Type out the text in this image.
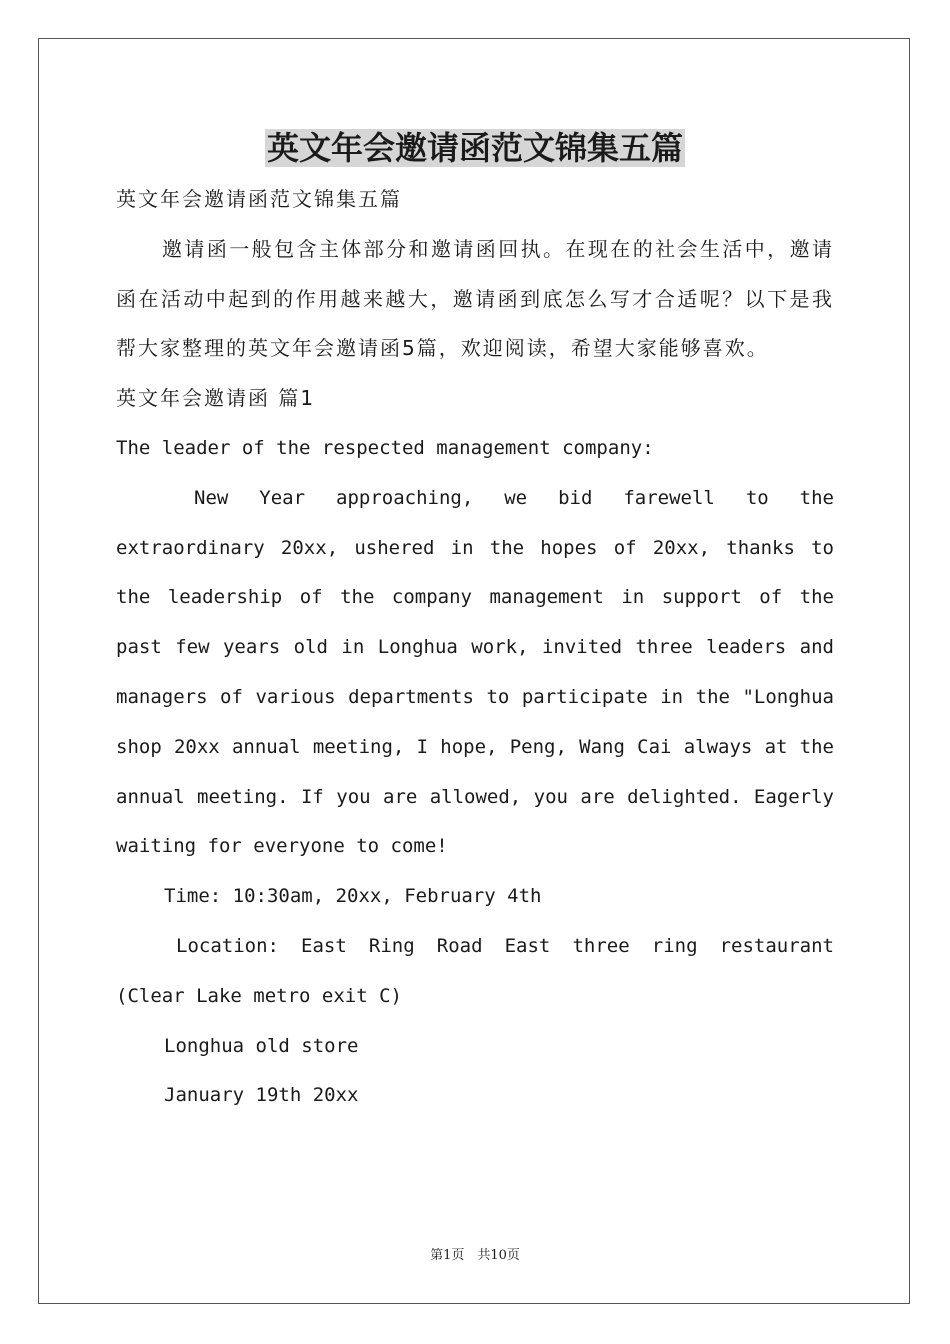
英文年会邀请函范文锦集五篇

英文年会邀请函范文锦集五篇

邀请函一般包含主体部分和邀请函回执。在现在的社会生活中，邀请函在活动中起到的作用越来越大，邀请函到底怎么写才合适呢？以下是我帮大家整理的英文年会邀请函5篇，欢迎阅读，希望大家能够喜欢。

英文年会邀请函 篇1

The leader of the respected management company:

New Year approaching, we bid farewell to the extraordinary 20xx, ushered in the hopes of 20xx, thanks to the leadership of the company management in support of the past few years old in Longhua work, invited three leaders and managers of various departments to participate in the "Longhua shop 20xx annual meeting, I hope, Peng, Wang Cai always at the annual meeting. If you are allowed, you are delighted. Eagerly waiting for everyone to come!

Time: 10:30am, 20xx, February 4th

Location: East Ring Road East three ring restaurant (Clear Lake metro exit C)

Longhua old store

January 19th 20xx

第1页　共10页
